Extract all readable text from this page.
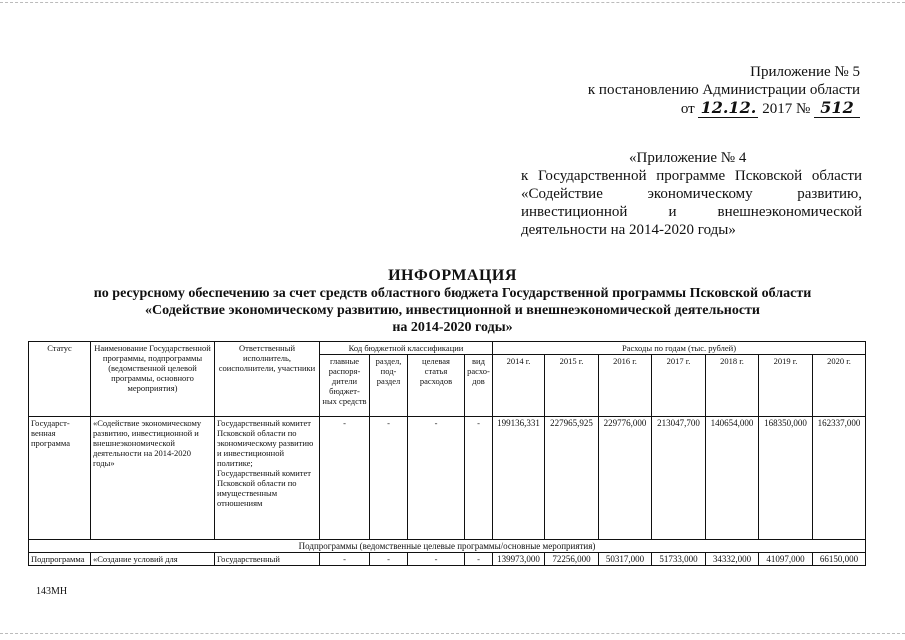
Приложение № 5
к постановлению Администрации области
от 12.12. 2017 № 512
«Приложение № 4
к Государственной программе Псковской области
«Содействие экономическому развитию,
инвестиционной и внешнеэкономической
деятельности на 2014-2020 годы»
ИНФОРМАЦИЯ
по ресурсному обеспечению за счет средств областного бюджета Государственной программы Псковской области
«Содействие экономическому развитию, инвестиционной и внешнеэкономической деятельности
на 2014-2020 годы»
Статус	Наименование Государственной программы, подпрограммы (ведомственной целевой программы, основного мероприятия)	Ответственный исполнитель, соисполнители, участники	Код бюджетной классификации				Расходы по годам (тыс. рублей)						
			главные распоря-дители бюджет-ных средств	раздел, под-раздел	целевая статья расходов	вид расхо-дов	2014 г.	2015 г.	2016 г.	2017 г.	2018 г.	2019 г.	2020 г.
Государст-венная программа	«Содействие экономическому развитию, инвестиционной и внешнеэкономической деятельности на 2014-2020 годы»	Государственный комитет Псковской области по экономическому развитию и инвестиционной политике; Государственный комитет Псковской области по имущественным отношениям	-	-	-	-	199136,331	227965,925	229776,000	213047,700	140654,000	168350,000	162337,000
Подпрограммы (ведомственные целевые программы/основные мероприятия)													
Подпрограмма	«Создание условий для	Государственный	-	-	-	-	139973,000	72256,000	50317,000	51733,000	34332,000	41097,000	66150,000
143МН
